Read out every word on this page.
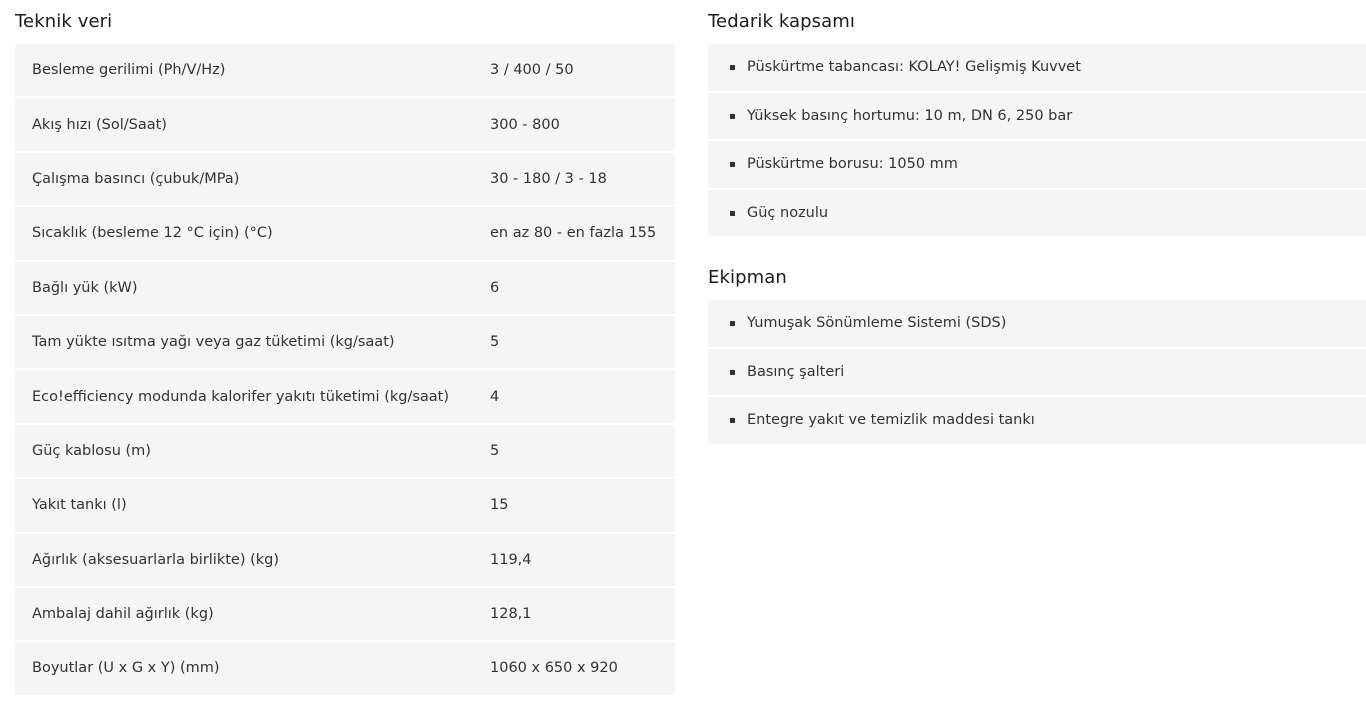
Teknik veri
Besleme gerilimi (Ph/V/Hz)	3 / 400 / 50
Akış hızı (Sol/Saat)	300 - 800
Çalışma basıncı (çubuk/MPa)	30 - 180 / 3 - 18
Sıcaklık (besleme 12 °C için) (°C)	en az 80 - en fazla 155
Bağlı yük (kW)	6
Tam yükte ısıtma yağı veya gaz tüketimi (kg/saat)	5
Eco!efficiency modunda kalorifer yakıtı tüketimi (kg/saat)	4
Güç kablosu (m)	5
Yakıt tankı (l)	15
Ağırlık (aksesuarlarla birlikte) (kg)	119,4
Ambalaj dahil ağırlık (kg)	128,1
Boyutlar (U x G x Y) (mm)	1060 x 650 x 920
Tedarik kapsamı
Püskürtme tabancası: KOLAY! Gelişmiş Kuvvet
Yüksek basınç hortumu: 10 m, DN 6, 250 bar
Püskürtme borusu: 1050 mm
Güç nozulu
Ekipman
Yumuşak Sönümleme Sistemi (SDS)
Basınç şalteri
Entegre yakıt ve temizlik maddesi tankı
